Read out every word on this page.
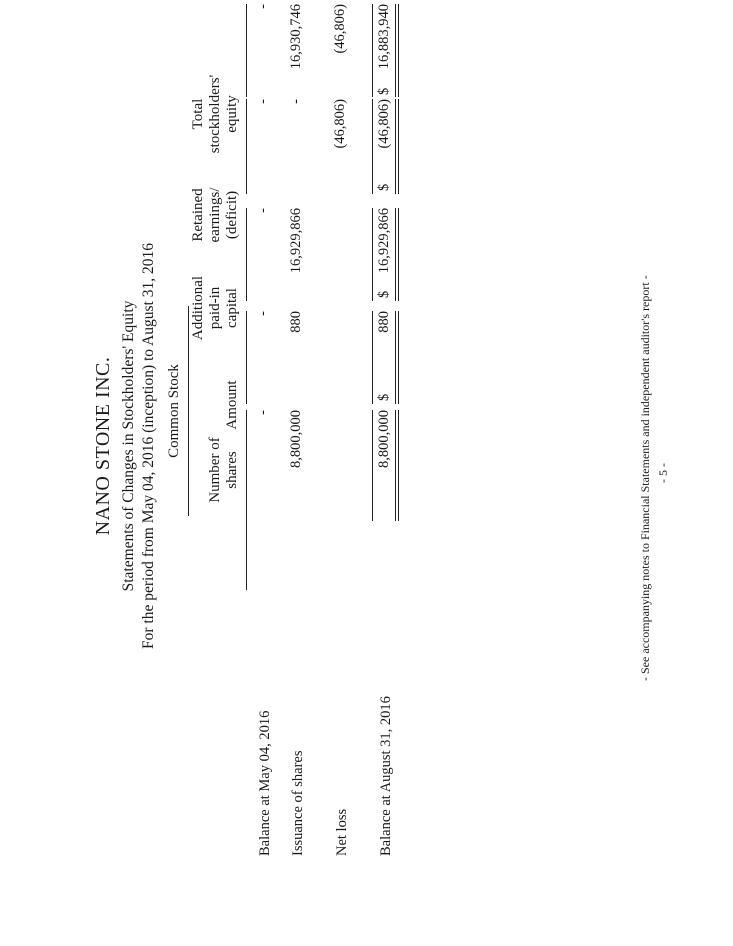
NANO STONE INC. Statements of Changes in Stockholders' Equity For the period from May 04, 2016 (inception) to August 31, 2016 Common Stock
Number of shares
Amount
Additional paid-in capital
Retained earnings/ (deficit)
Total stockholders' equity
Balance at May 04, 2016
-
-
-
-
-
Issuance of shares
8,800,000
880
16,929,866
-
16,930,746
Net loss
(46,806)
(46,806)
Balance at August 31, 2016
8,800,000
$
880
$
16,929,866
$
(46,806)
$
16,883,940
- See accompanying notes to Financial Statements and independent auditor's report - - 5 -
